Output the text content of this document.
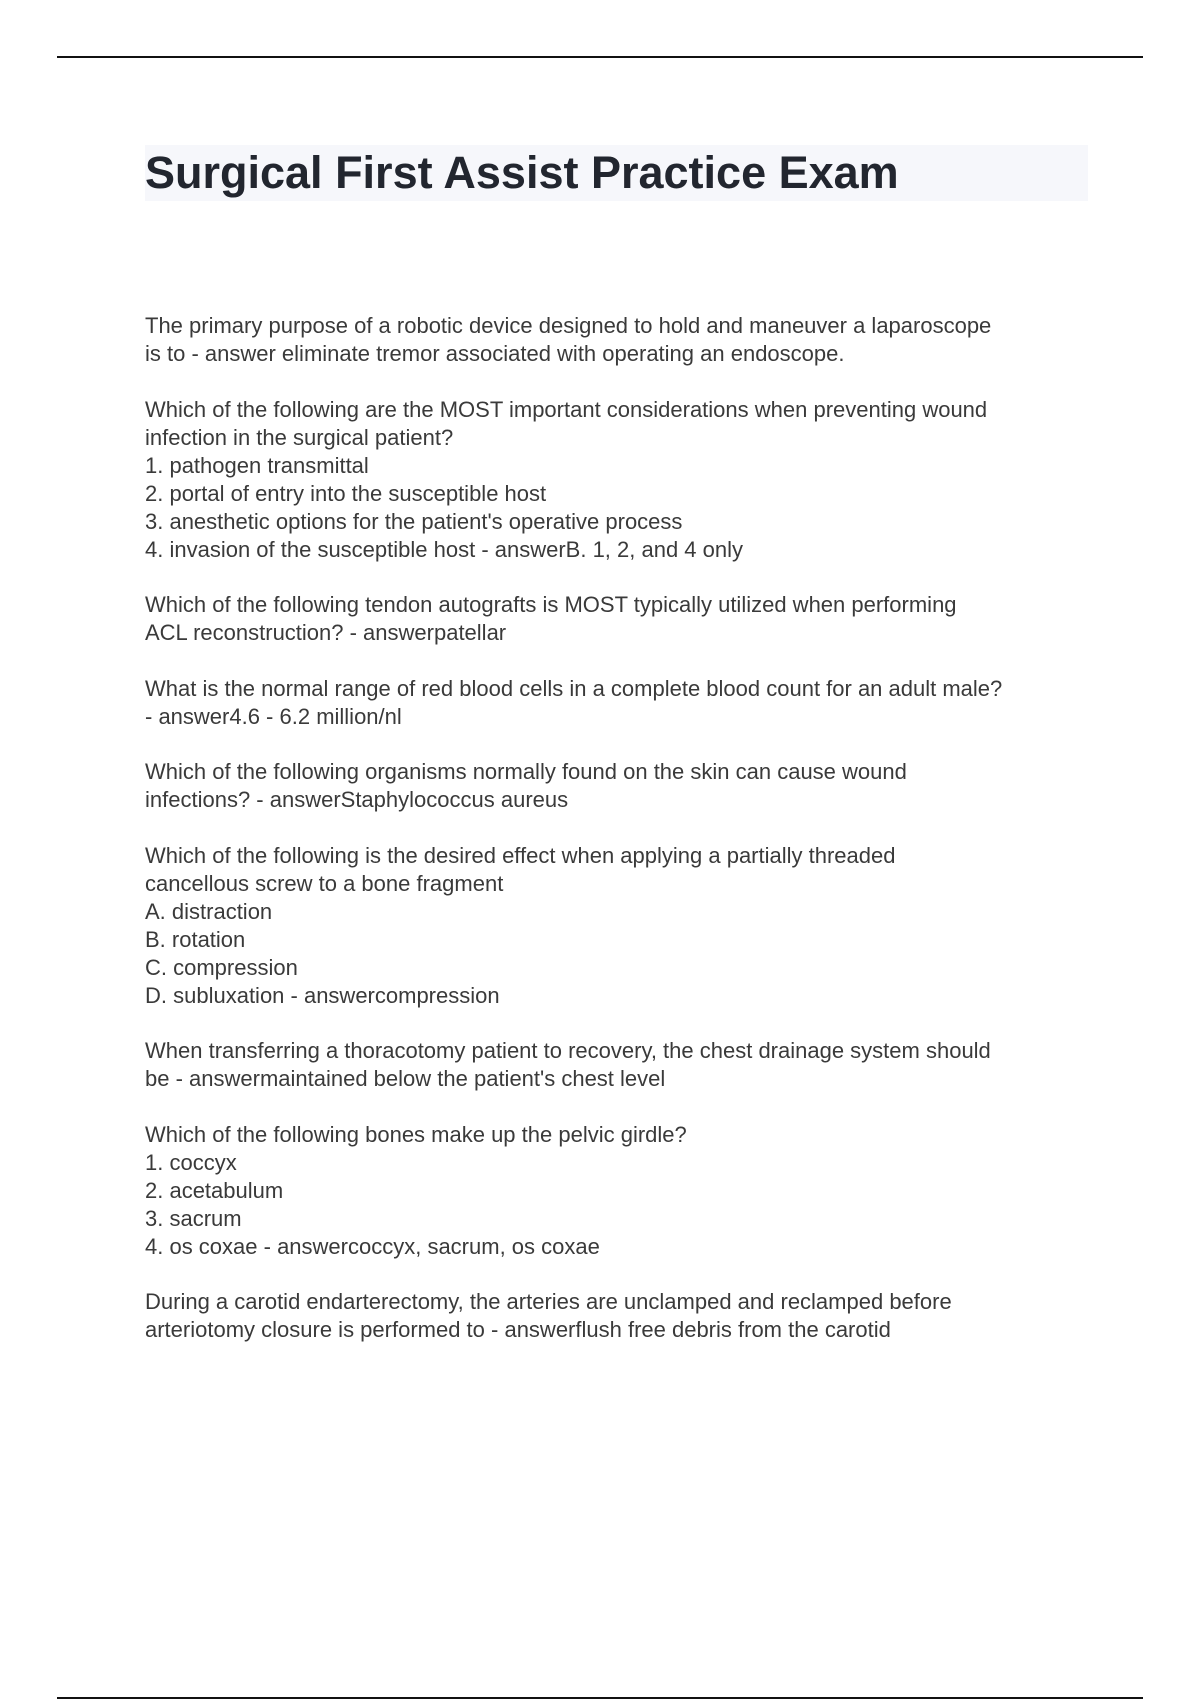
Surgical First Assist Practice Exam
The primary purpose of a robotic device designed to hold and maneuver a laparoscope
is to - answer eliminate tremor associated with operating an endoscope.
Which of the following are the MOST important considerations when preventing wound
infection in the surgical patient?
1. pathogen transmittal
2. portal of entry into the susceptible host
3. anesthetic options for the patient's operative process
4. invasion of the susceptible host - answerB. 1, 2, and 4 only
Which of the following tendon autografts is MOST typically utilized when performing
ACL reconstruction? - answerpatellar
What is the normal range of red blood cells in a complete blood count for an adult male?
- answer4.6 - 6.2 million/nl
Which of the following organisms normally found on the skin can cause wound
infections? - answerStaphylococcus aureus
Which of the following is the desired effect when applying a partially threaded
cancellous screw to a bone fragment
A. distraction
B. rotation
C. compression
D. subluxation - answercompression
When transferring a thoracotomy patient to recovery, the chest drainage system should
be - answermaintained below the patient's chest level
Which of the following bones make up the pelvic girdle?
1. coccyx
2. acetabulum
3. sacrum
4. os coxae - answercoccyx, sacrum, os coxae
During a carotid endarterectomy, the arteries are unclamped and reclamped before
arteriotomy closure is performed to - answerflush free debris from the carotid
